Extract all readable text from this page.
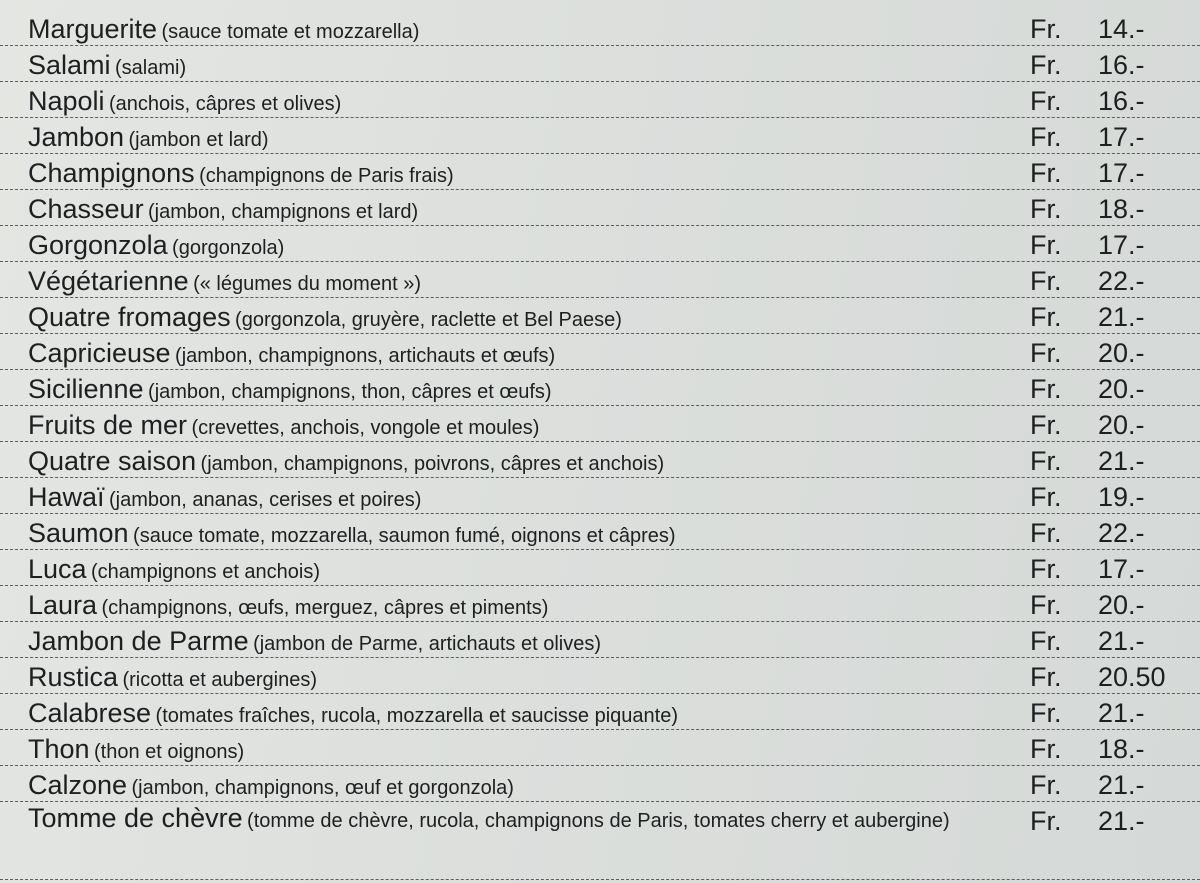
Marguerite (sauce tomate et mozzarella)	Fr. 14.-
Salami (salami)	Fr. 16.-
Napoli (anchois, câpres et olives)	Fr. 16.-
Jambon (jambon et lard)	Fr. 17.-
Champignons (champignons de Paris frais)	Fr. 17.-
Chasseur (jambon, champignons et lard)	Fr. 18.-
Gorgonzola (gorgonzola)	Fr. 17.-
Végétarienne (« légumes du moment »)	Fr. 22.-
Quatre fromages (gorgonzola, gruyère, raclette et Bel Paese)	Fr. 21.-
Capricieuse (jambon, champignons, artichauts et œufs)	Fr. 20.-
Sicilienne (jambon, champignons, thon, câpres et œufs)	Fr. 20.-
Fruits de mer (crevettes, anchois, vongole et moules)	Fr. 20.-
Quatre saison (jambon, champignons, poivrons, câpres et anchois)	Fr. 21.-
Hawaï (jambon, ananas, cerises et poires)	Fr. 19.-
Saumon (sauce tomate, mozzarella, saumon fumé, oignons et câpres)	Fr. 22.-
Luca (champignons et anchois)	Fr. 17.-
Laura (champignons, œufs, merguez, câpres et piments)	Fr. 20.-
Jambon de Parme (jambon de Parme, artichauts et olives)	Fr. 21.-
Rustica (ricotta et aubergines)	Fr. 20.50
Calabrese (tomates fraîches, rucola, mozzarella et saucisse piquante)	Fr. 21.-
Thon (thon et oignons)	Fr. 18.-
Calzone (jambon, champignons, œuf et gorgonzola)	Fr. 21.-
Tomme de chèvre (tomme de chèvre, rucola, champignons de Paris, tomates cherry et aubergine)	Fr. 21.-
